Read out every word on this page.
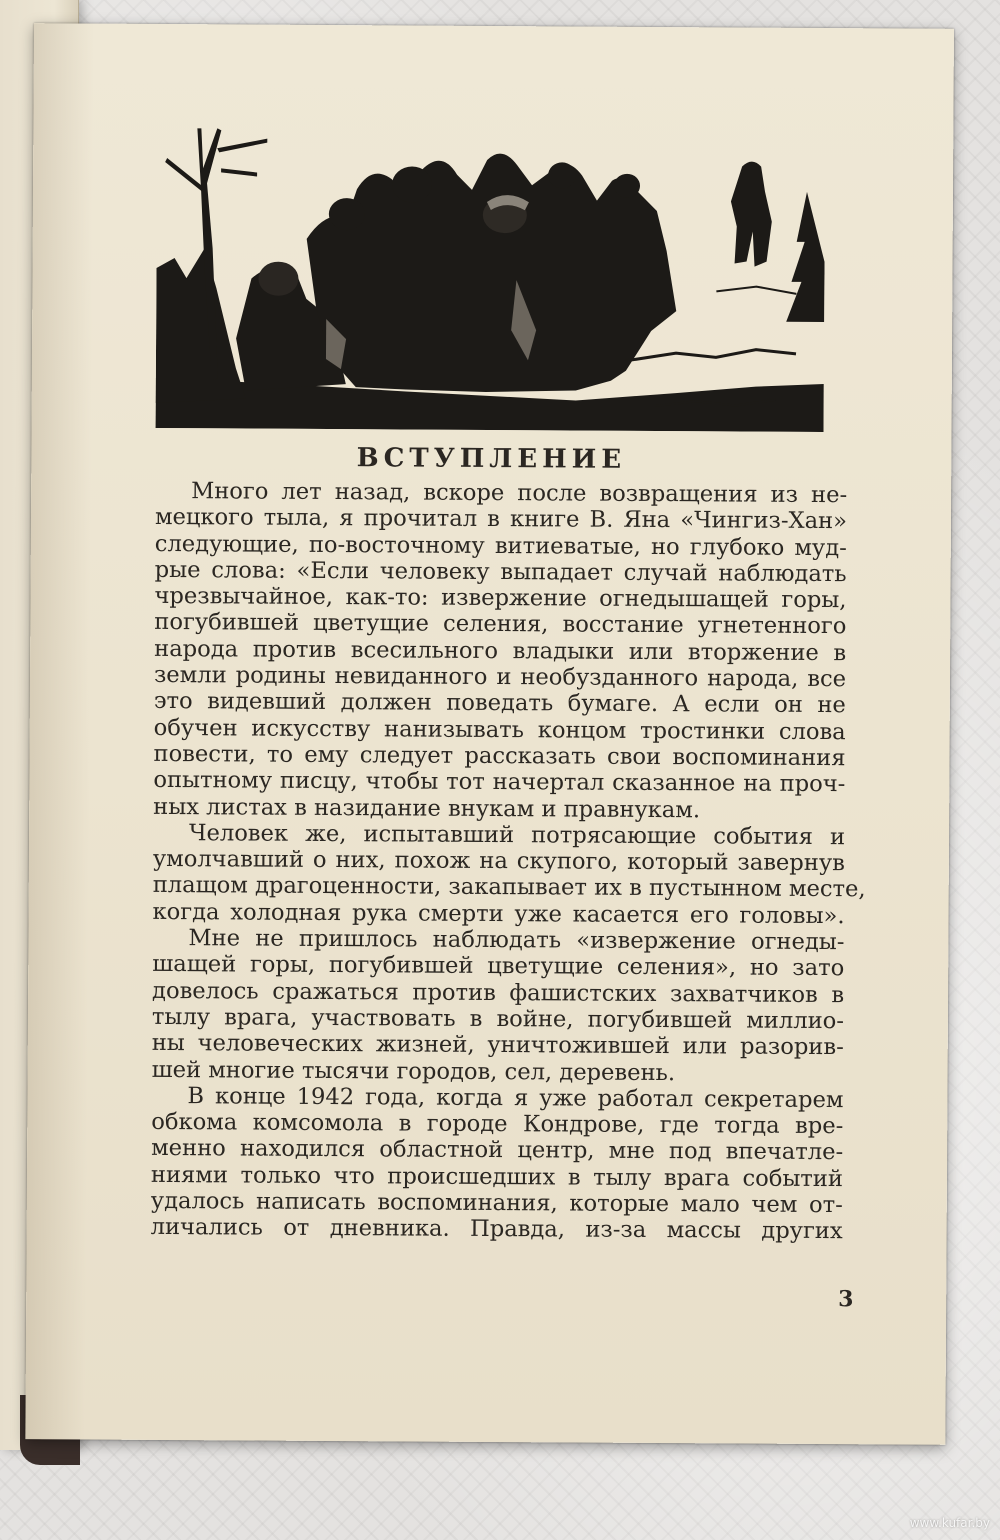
ВСТУПЛЕНИЕ

Много лет назад, вскоре после возвращения из не-
мецкого тыла, я прочитал в книге В. Яна «Чингиз-Хан»
следующие, по-восточному витиеватые, но глубоко муд-
рые слова: «Если человеку выпадает случай наблюдать
чрезвычайное, как-то: извержение огнедышащей горы,
погубившей цветущие селения, восстание угнетенного
народа против всесильного владыки или вторжение в
земли родины невиданного и необузданного народа, все
это видевший должен поведать бумаге. А если он не
обучен искусству нанизывать концом тростинки слова
повести, то ему следует рассказать свои воспоминания
опытному писцу, чтобы тот начертал сказанное на проч-
ных листах в назидание внукам и правнукам.

Человек же, испытавший потрясающие события и
умолчавший о них, похож на скупого, который завернув
плащом драгоценности, закапывает их в пустынном месте,
когда холодная рука смерти уже касается его головы».

Мне не пришлось наблюдать «извержение огнеды-
шащей горы, погубившей цветущие селения», но зато
довелось сражаться против фашистских захватчиков в
тылу врага, участвовать в войне, погубившей миллио-
ны человеческих жизней, уничтожившей или разорив-
шей многие тысячи городов, сел, деревень.

В конце 1942 года, когда я уже работал секретарем
обкома комсомола в городе Кондрове, где тогда вре-
менно находился областной центр, мне под впечатле-
ниями только что происшедших в тылу врага событий
удалось написать воспоминания, которые мало чем от-
личались от дневника. Правда, из-за массы других

3

www.kufar.by
